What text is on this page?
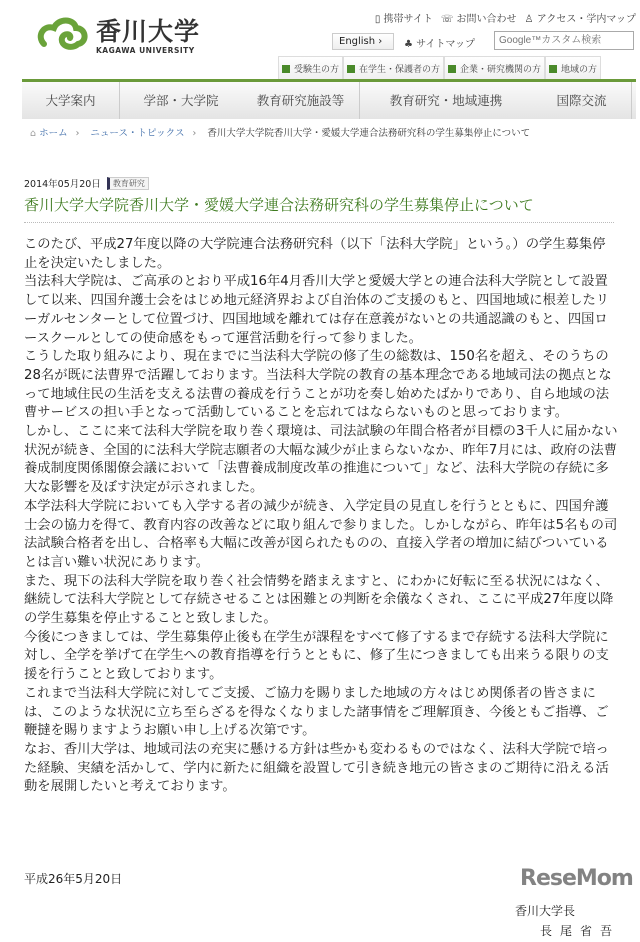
香川大学
KAGAWA UNIVERSITY
▯ 携帯サイト ☏ お問い合わせ ♙ アクセス・学内マップ
English ›	♣ サイトマップ
Google™カスタム検索
受験生の方	在学生・保護者の方	企業・研究機関の方	地域の方
大学案内	学部・大学院	教育研究施設等	教育研究・地域連携	国際交流
⌂ ホーム › ニュース・トピックス › 香川大学大学院香川大学・愛媛大学連合法務研究科の学生募集停止について
2014年05月20日	教育研究
香川大学大学院香川大学・愛媛大学連合法務研究科の学生募集停止について

このたび、平成27年度以降の大学院連合法務研究科（以下「法科大学院」という。）の学生募集停止を決定いたしました。

当法科大学院は、ご高承のとおり平成16年4月香川大学と愛媛大学との連合法科大学院として設置して以来、四国弁護士会をはじめ地元経済界および自治体のご支援のもと、四国地域に根差したリーガルセンターとして位置づけ、四国地域を離れては存在意義がないとの共通認識のもと、四国ロースクールとしての使命感をもって運営活動を行って参りました。

こうした取り組みにより、現在までに当法科大学院の修了生の総数は、150名を超え、そのうちの28名が既に法曹界で活躍しております。当法科大学院の教育の基本理念である地域司法の拠点となって地域住民の生活を支える法曹の養成を行うことが功を奏し始めたばかりであり、自ら地域の法曹サービスの担い手となって活動していることを忘れてはならないものと思っております。

しかし、ここに来て法科大学院を取り巻く環境は、司法試験の年間合格者が目標の3千人に届かない状況が続き、全国的に法科大学院志願者の大幅な減少が止まらないなか、昨年7月には、政府の法曹養成制度関係閣僚会議において「法曹養成制度改革の推進について」など、法科大学院の存続に多大な影響を及ぼす決定が示されました。

本学法科大学院においても入学する者の減少が続き、入学定員の見直しを行うとともに、四国弁護士会の協力を得て、教育内容の改善などに取り組んで参りました。しかしながら、昨年は5名もの司法試験合格者を出し、合格率も大幅に改善が図られたものの、直接入学者の増加に結びついているとは言い難い状況にあります。

また、現下の法科大学院を取り巻く社会情勢を踏まえますと、にわかに好転に至る状況にはなく、継続して法科大学院として存続させることは困難との判断を余儀なくされ、ここに平成27年度以降の学生募集を停止することと致しました。

今後につきましては、学生募集停止後も在学生が課程をすべて修了するまで存続する法科大学院に対し、全学を挙げて在学生への教育指導を行うとともに、修了生につきましても出来うる限りの支援を行うことと致しております。

これまで当法科大学院に対してご支援、ご協力を賜りました地域の方々はじめ関係者の皆さまには、このような状況に立ち至らざるを得なくなりました諸事情をご理解頂き、今後ともご指導、ご鞭撻を賜りますようお願い申し上げる次第です。

なお、香川大学は、地域司法の充実に懸ける方針は些かも変わるものではなく、法科大学院で培った経験、実績を活かして、学内に新たに組織を設置して引き続き地元の皆さまのご期待に沿える活動を展開したいと考えております。

平成26年5月20日	ReseMom
香川大学長
長尾省吾
